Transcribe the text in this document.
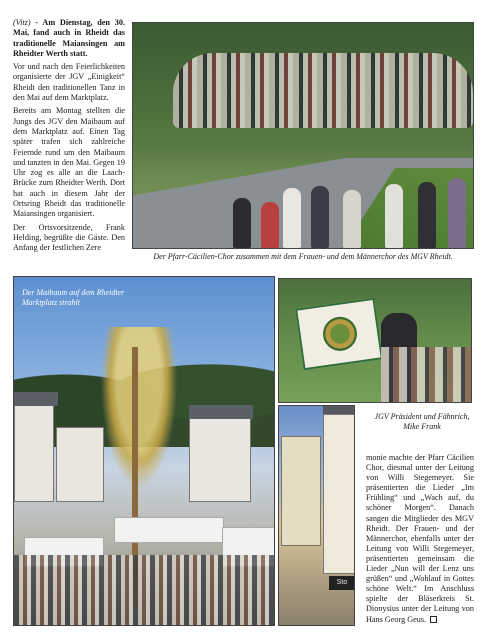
(Vitz) - Am Dienstag, den 30. Mai, fand auch in Rheidt das traditionelle Maiansingen am Rheidter Werth statt.

Vor und nach den Feierlichkeiten organisierte der JGV „Einigkeit“ Rheidt den traditionellen Tanz in den Mai auf dem Marktplatz.

Bereits am Montag stellten die Jungs des JGV den Maibaum auf dem Marktplatz auf. Einen Tag später trafen sich zahlreiche Feiernde rund um den Maibaum und tanzten in den Mai. Gegen 19 Uhr zog es alle an die Laach-Brücke zum Rheidter Werth. Dort hat auch in diesem Jahr der Ortsring Rheidt das traditionelle Maiansingen organisiert.

Der Ortsvorsitzende, Frank Helding, begrüßte die Gäste. Den Anfang der festlichen Zere

Der Pfarr-Cäcilien-Chor zusammen mit dem Frauen- und dem Männerchor des MGV Rheidt.
Der Maibaum auf dem Rheidter Marktplatz strahlt
JGV Präsident und Fähnrich, Mike Frank
Sto
monie machte der Pfarr Cäcilien Chor, diesmal unter der Leitung von Willi Stegemeyer. Sie präsentierten die Lieder „Im Frühling“ und „Wach auf, du schöner Morgen“. Danach sangen die Mitglieder des MGV Rheidt. Der Frauen- und der Männerchor, ebenfalls unter der Leitung von Willi Stegemeyer, präsentierten gemeinsam die Lieder „Nun will der Lenz uns grüßen“ und „Wohlauf in Gottes schöne Welt.“ Im Anschluss spielte der Bläserkreis St. Dionysius unter der Leitung von Hans Georg Geus.
